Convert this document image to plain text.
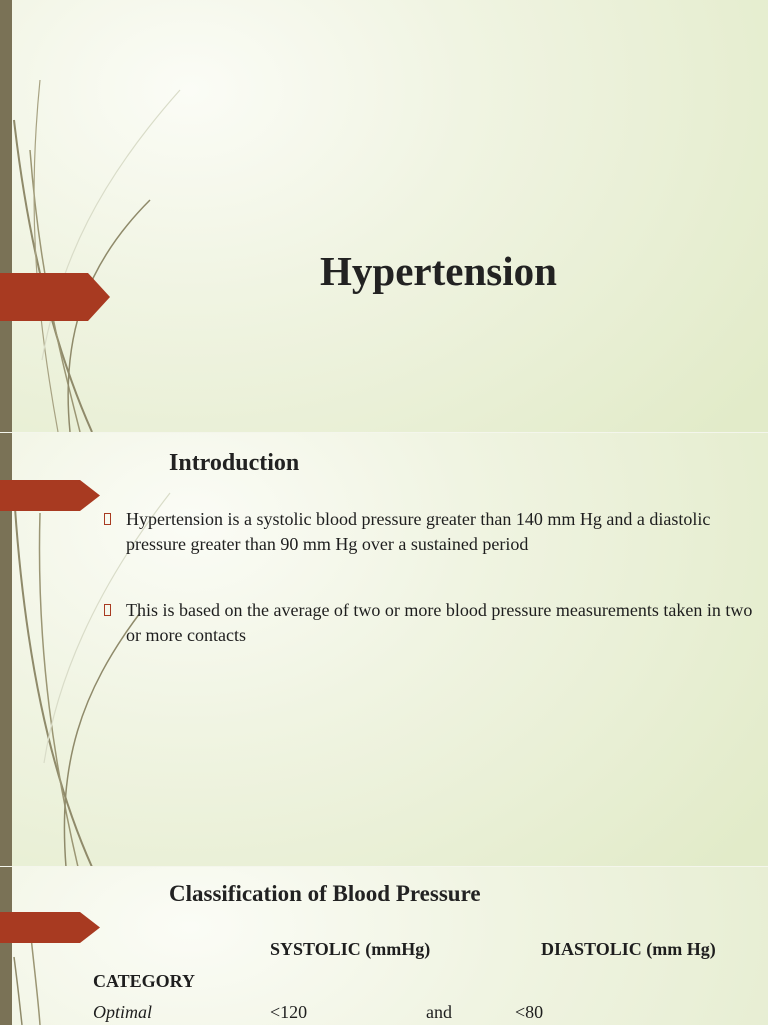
Hypertension
Introduction
Hypertension is a systolic blood pressure greater than 140 mm Hg and a diastolic pressure greater than 90 mm Hg over a sustained period
This is based on the average of two or more blood pressure measurements taken in two or more contacts
Classification of Blood Pressure
SYSTOLIC (mmHg)	DIASTOLIC (mm Hg)
CATEGORY
Optimal	<120	and	<80
